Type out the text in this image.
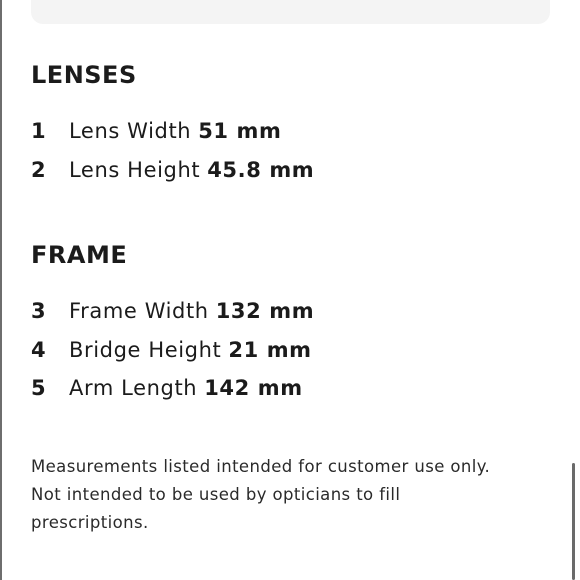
LENSES
1	Lens Width 51 mm
2	Lens Height 45.8 mm
FRAME
3	Frame Width 132 mm
4	Bridge Height 21 mm
5	Arm Length 142 mm

Measurements listed intended for customer use only.
Not intended to be used by opticians to fill
prescriptions.
